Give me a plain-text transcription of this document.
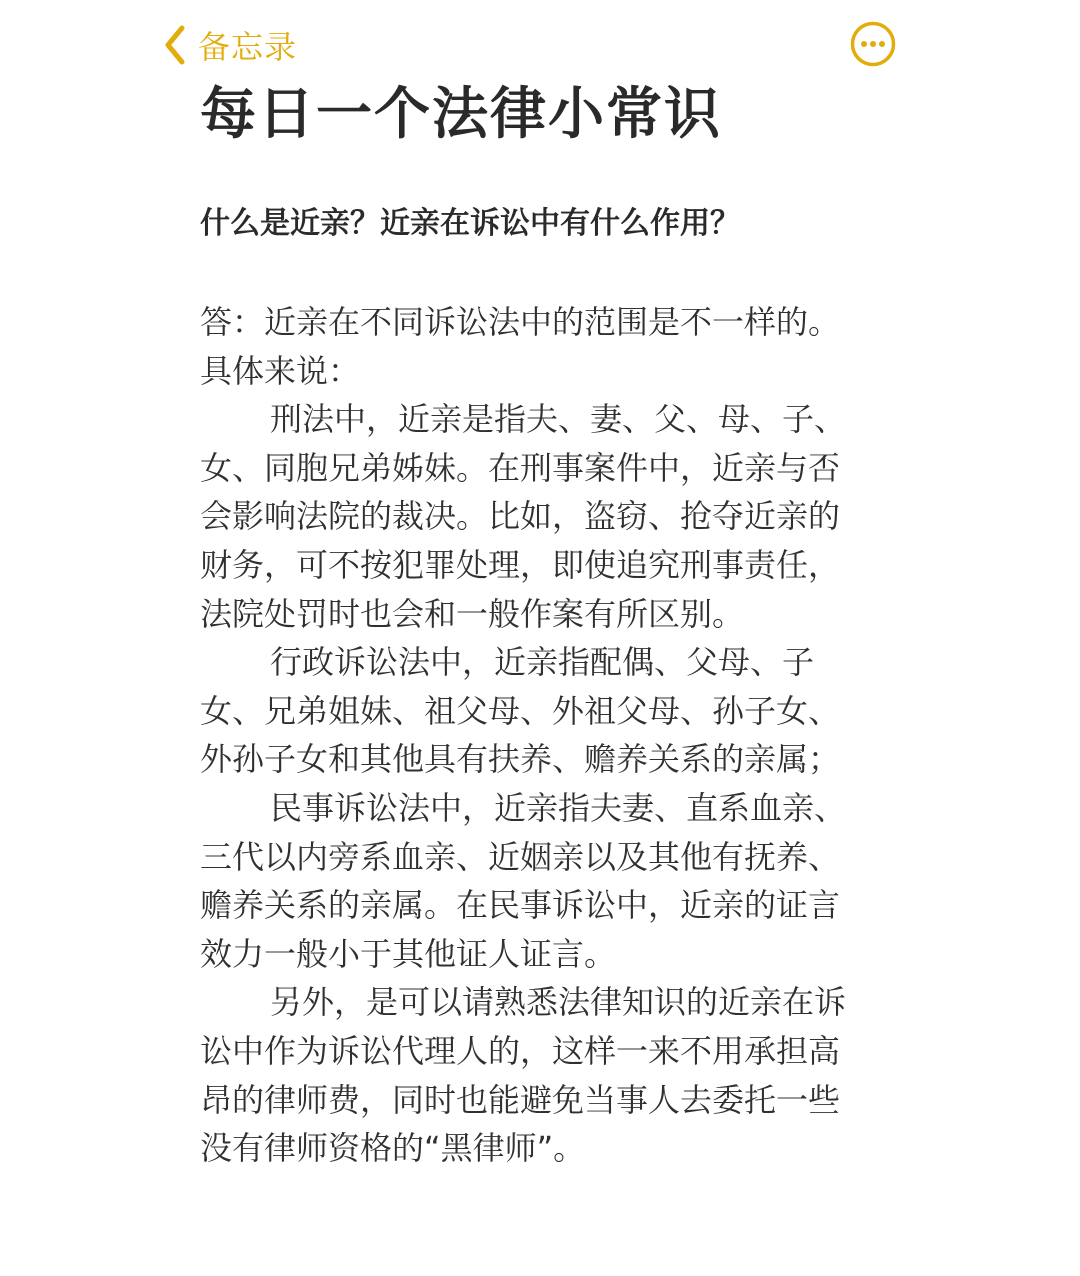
备忘录
每日一个法律小常识
什么是近亲？近亲在诉讼中有什么作用？

答：近亲在不同诉讼法中的范围是不一样的。具体来说：

刑法中，近亲是指夫、妻、父、母、子、女、同胞兄弟姊妹。在刑事案件中，近亲与否会影响法院的裁决。比如，盗窃、抢夺近亲的财务，可不按犯罪处理，即使追究刑事责任，法院处罚时也会和一般作案有所区别。

行政诉讼法中，近亲指配偶、父母、子女、兄弟姐妹、祖父母、外祖父母、孙子女、外孙子女和其他具有扶养、赡养关系的亲属；

民事诉讼法中，近亲指夫妻、直系血亲、三代以内旁系血亲、近姻亲以及其他有抚养、赡养关系的亲属。在民事诉讼中，近亲的证言效力一般小于其他证人证言。

另外，是可以请熟悉法律知识的近亲在诉讼中作为诉讼代理人的，这样一来不用承担高昂的律师费，同时也能避免当事人去委托一些没有律师资格的“黑律师”。
